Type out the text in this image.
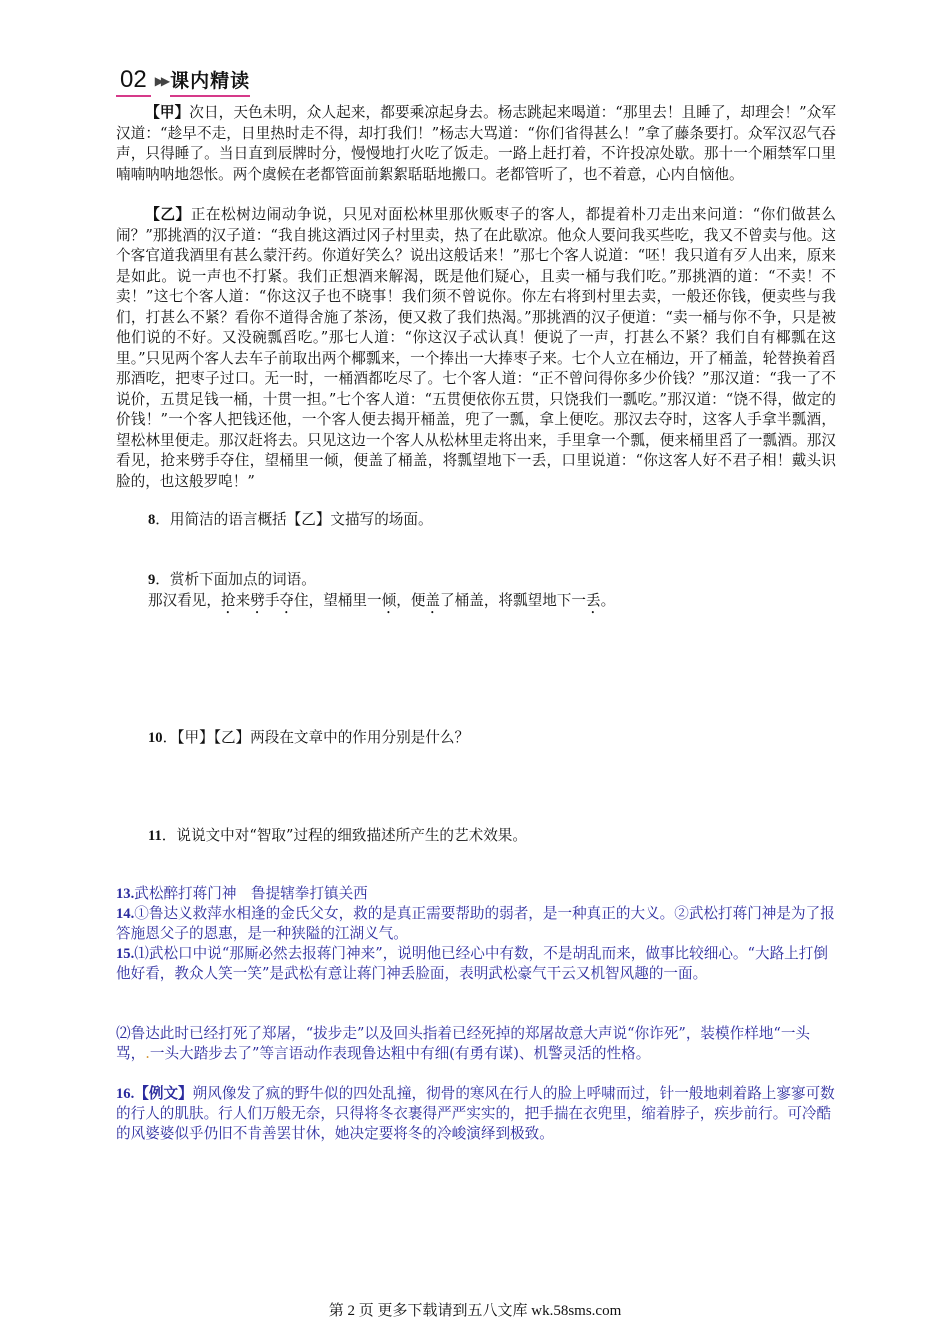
02 ▶▶ 课内精读

【甲】次日，天色未明，众人起来，都要乘凉起身去。杨志跳起来喝道：“那里去！且睡了，却理会！”众军汉道：“趁早不走，日里热时走不得，却打我们！”杨志大骂道：“你们省得甚么！”拿了藤条要打。众军汉忍气吞声，只得睡了。当日直到辰牌时分，慢慢地打火吃了饭走。一路上赶打着，不许投凉处歇。那十一个厢禁军口里喃喃呐呐地怨怅。两个虞候在老都管面前絮絮聒聒地搬口。老都管听了，也不着意，心内自恼他。

【乙】正在松树边闹动争说，只见对面松林里那伙贩枣子的客人，都提着朴刀走出来问道：“你们做甚么闹？”那挑酒的汉子道：“我自挑这酒过冈子村里卖，热了在此歇凉。他众人要问我买些吃，我又不曾卖与他。这个客官道我酒里有甚么蒙汗药。你道好笑么？说出这般话来！”那七个客人说道：“呸！我只道有歹人出来，原来是如此。说一声也不打紧。我们正想酒来解渴，既是他们疑心，且卖一桶与我们吃。”那挑酒的道：“不卖！不卖！”这七个客人道：“你这汉子也不晓事！我们须不曾说你。你左右将到村里去卖，一般还你钱，便卖些与我们，打甚么不紧？看你不道得舍施了茶汤，便又救了我们热渴。”那挑酒的汉子便道：“卖一桶与你不争，只是被他们说的不好。又没碗瓢舀吃。”那七人道：“你这汉子忒认真！便说了一声，打甚么不紧？我们自有椰瓢在这里。”只见两个客人去车子前取出两个椰瓢来，一个捧出一大捧枣子来。七个人立在桶边，开了桶盖，轮替换着舀那酒吃，把枣子过口。无一时，一桶酒都吃尽了。七个客人道：“正不曾问得你多少价钱？”那汉道：“我一了不说价，五贯足钱一桶，十贯一担。”七个客人道：“五贯便依你五贯，只饶我们一瓢吃。”那汉道：“饶不得，做定的价钱！”一个客人把钱还他，一个客人便去揭开桶盖，兜了一瓢，拿上便吃。那汉去夺时，这客人手拿半瓢酒，望松林里便走。那汉赶将去。只见这边一个客人从松林里走将出来，手里拿一个瓢，便来桶里舀了一瓢酒。那汉看见，抢来劈手夺住，望桶里一倾，便盖了桶盖，将瓢望地下一丢，口里说道：“你这客人好不君子相！戴头识脸的，也这般罗唣！”

8．用简洁的语言概括【乙】文描写的场面。

9．赏析下面加点的词语。

那汉看见，抢来劈手夺住，望桶里一倾，便盖了桶盖，将瓢望地下一丢。

10．【甲】【乙】两段在文章中的作用分别是什么？

11．说说文中对“智取”过程的细致描述所产生的艺术效果。

13.武松醉打蒋门神　鲁提辖拳打镇关西

14.①鲁达义救萍水相逢的金氏父女，救的是真正需要帮助的弱者，是一种真正的大义。②武松打蒋门神是为了报答施恩父子的恩惠，是一种狭隘的江湖义气。

15.⑴武松口中说“那厮必然去报蒋门神来”，说明他已经心中有数，不是胡乱而来，做事比较细心。“大路上打倒他好看，教众人笑一笑”是武松有意让蒋门神丢脸面，表明武松豪气干云又机智风趣的一面。

⑵鲁达此时已经打死了郑屠，“拔步走”以及回头指着已经死掉的郑屠故意大声说“你诈死”，装模作样地“一头骂，.一头大踏步去了”等言语动作表现鲁达粗中有细(有勇有谋)、机警灵活的性格。

16.【例文】朔风像发了疯的野牛似的四处乱撞，彻骨的寒风在行人的脸上呼啸而过，针一般地刺着路上寥寥可数的行人的肌肤。行人们万般无奈，只得将冬衣裹得严严实实的，把手揣在衣兜里，缩着脖子，疾步前行。可冷酷的风婆婆似乎仍旧不肯善罢甘休，她决定要将冬的冷峻演绎到极致。

第 2 页 更多下载请到五八文库 wk.58sms.com
